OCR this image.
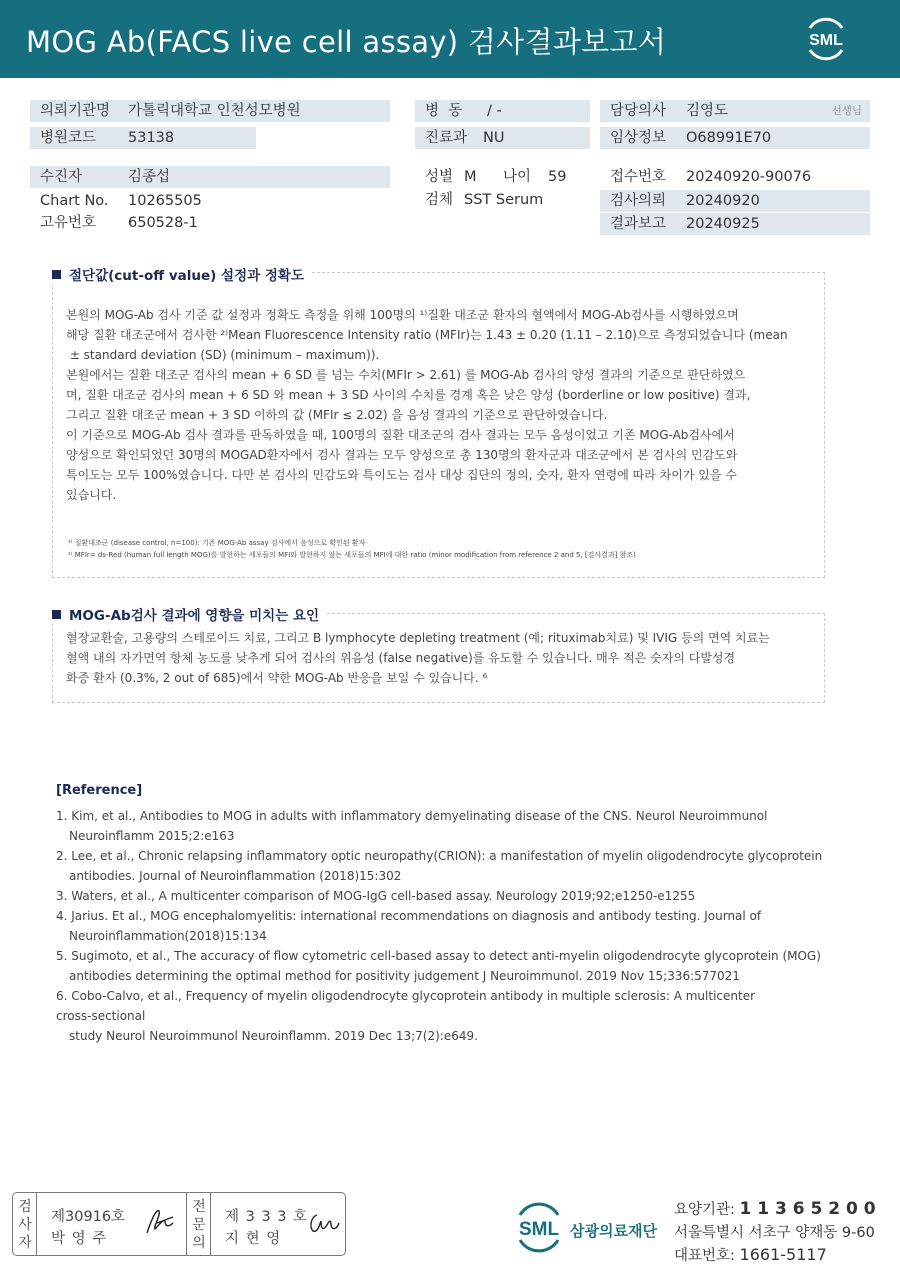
MOG Ab(FACS live cell assay) 검사결과보고서	SML
의뢰기관명 가톨릭대학교 인천성모병원
병원코드 53138
병  동 / -
진료과 NU
담당의사 김영도	선생님
임상정보 O68991E70
수진자	김종섭
Chart No. 10265505
고유번호 650528-1
성별 M 나이 59
검체 SST Serum
접수번호 20240920-90076
검사의뢰 20240920
결과보고 20240925
절단값(cut-off value) 설정과 정확도
본원의 MOG-Ab 검사 기준 값 설정과 정확도 측정을 위해 100명의 ¹⁾질환 대조군 환자의 혈액에서 MOG-Ab검사를 시행하였으며
해당 질환 대조군에서 검사한 ²⁾Mean Fluorescence Intensity ratio (MFIr)는 1.43 ± 0.20 (1.11 – 2.10)으로 측정되었습니다 (mean
± standard deviation (SD) (minimum – maximum)).
본원에서는 질환 대조군 검사의 mean + 6 SD 를 넘는 수치(MFIr > 2.61) 를 MOG-Ab 검사의 양성 결과의 기준으로 판단하였으
며, 질환 대조군 검사의 mean + 6 SD 와 mean + 3 SD 사이의 수치를 경계 혹은 낮은 양성 (borderline or low positive) 결과,
그리고 질환 대조군 mean + 3 SD 이하의 값 (MFIr ≤ 2.02) 을 음성 결과의 기준으로 판단하였습니다.
이 기준으로 MOG-Ab 검사 결과를 판독하였을 때, 100명의 질환 대조군의 검사 결과는 모두 음성이었고 기존 MOG-Ab검사에서
양성으로 확인되었던 30명의 MOGAD환자에서 검사 결과는 모두 양성으로 총 130명의 환자군과 대조군에서 본 검사의 민감도와
특이도는 모두 100%였습니다. 다만 본 검사의 민감도와 특이도는 검사 대상 집단의 정의, 숫자, 환자 연령에 따라 차이가 있을 수
있습니다.
¹⁾ 질환대조군 (disease control, n=100): 기존 MOG-Ab assay 검사에서 음성으로 확인된 환자
²⁾ MFIr= ds-Red (human full length MOG)를 발현하는 세포들의 MFI와 발현하지 않는 세포들의 MFI에 대한 ratio (minor modification from reference 2 and 5, [검사결과] 참조)
MOG-Ab검사 결과에 영향을 미치는 요인
혈장교환술, 고용량의 스테로이드 치료, 그리고 B lymphocyte depleting treatment (예; rituximab치료) 및 IVIG 등의 면역 치료는
혈액 내의 자가면역 항체 농도를 낮추게 되어 검사의 위음성 (false negative)를 유도할 수 있습니다. 매우 적은 숫자의 다발성경
화증 환자 (0.3%, 2 out of 685)에서 약한 MOG-Ab 반응을 보일 수 있습니다. ⁶
[Reference]
1. Kim, et al., Antibodies to MOG in adults with inflammatory demyelinating disease of the CNS. Neurol Neuroimmunol
Neuroinflamm 2015;2:e163
2. Lee, et al., Chronic relapsing inflammatory optic neuropathy(CRION): a manifestation of myelin oligodendrocyte glycoprotein
antibodies. Journal of Neuroinflammation (2018)15:302
3. Waters, et al., A multicenter comparison of MOG-IgG cell-based assay. Neurology 2019;92;e1250-e1255
4. Jarius. Et al., MOG encephalomyelitis: international recommendations on diagnosis and antibody testing. Journal of
Neuroinflammation(2018)15:134
5. Sugimoto, et al., The accuracy of flow cytometric cell-based assay to detect anti-myelin oligodendrocyte glycoprotein (MOG)
antibodies determining the optimal method for positivity judgement J Neuroimmunol. 2019 Nov 15;336:577021
6. Cobo-Calvo, et al., Frequency of myelin oligodendrocyte glycoprotein antibody in multiple sclerosis: A multicenter
cross-sectional
study Neurol Neuroimmunol Neuroinflamm. 2019 Dec 13;7(2):e649.
검
사
자
제30916호
박 영 주
전
문
의
제 3 3 3 호
지 현 영	SML 삼광의료재단
요양기관: 1 1 3 6 5 2 0 0
서울특별시 서초구 양재동 9-60
대표번호: 1661-5117
